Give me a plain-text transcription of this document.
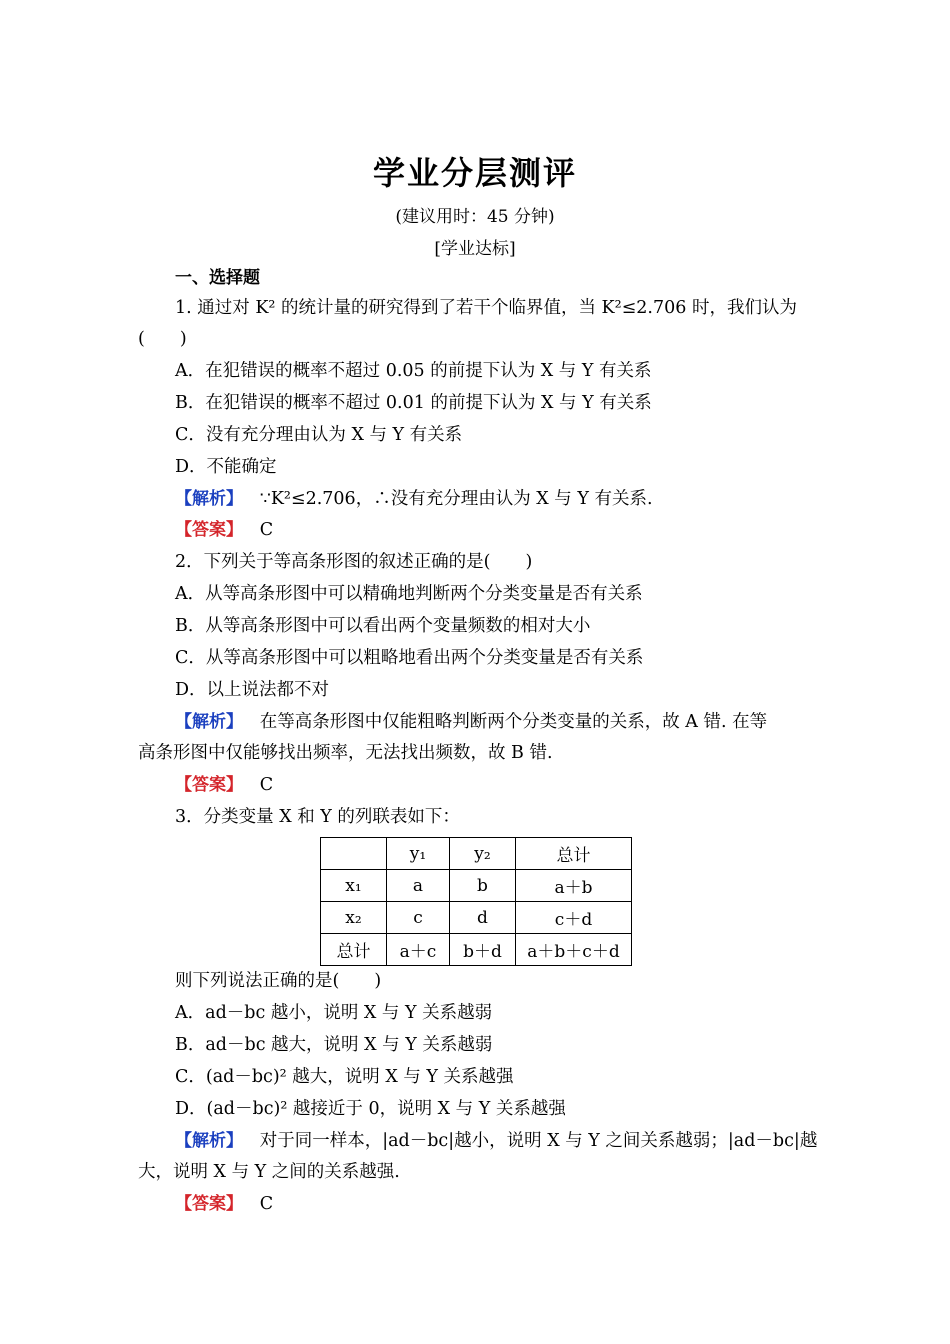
学业分层测评
(建议用时：45 分钟)
[学业达标]
一、选择题
1. 通过对 K² 的统计量的研究得到了若干个临界值，当 K²≤2.706 时，我们认为
(　　)
A．在犯错误的概率不超过 0.05 的前提下认为 X 与 Y 有关系
B．在犯错误的概率不超过 0.01 的前提下认为 X 与 Y 有关系
C．没有充分理由认为 X 与 Y 有关系
D．不能确定
【解析】 ∵K²≤2.706，∴没有充分理由认为 X 与 Y 有关系.
【答案】 C
2．下列关于等高条形图的叙述正确的是(　　)
A．从等高条形图中可以精确地判断两个分类变量是否有关系
B．从等高条形图中可以看出两个变量频数的相对大小
C．从等高条形图中可以粗略地看出两个分类变量是否有关系
D．以上说法都不对
【解析】 在等高条形图中仅能粗略判断两个分类变量的关系，故 A 错. 在等
高条形图中仅能够找出频率，无法找出频数，故 B 错.
【答案】 C
3．分类变量 X 和 Y 的列联表如下：
	y₁	y₂	总计
x₁	a	b	a＋b
x₂	c	d	c＋d
总计	a＋c	b＋d	a＋b＋c＋d
则下列说法正确的是(　　)
A．ad－bc 越小，说明 X 与 Y 关系越弱
B．ad－bc 越大，说明 X 与 Y 关系越弱
C．(ad－bc)² 越大，说明 X 与 Y 关系越强
D．(ad－bc)² 越接近于 0，说明 X 与 Y 关系越强
【解析】 对于同一样本，|ad－bc|越小，说明 X 与 Y 之间关系越弱；|ad－bc|越
大，说明 X 与 Y 之间的关系越强.
【答案】 C
